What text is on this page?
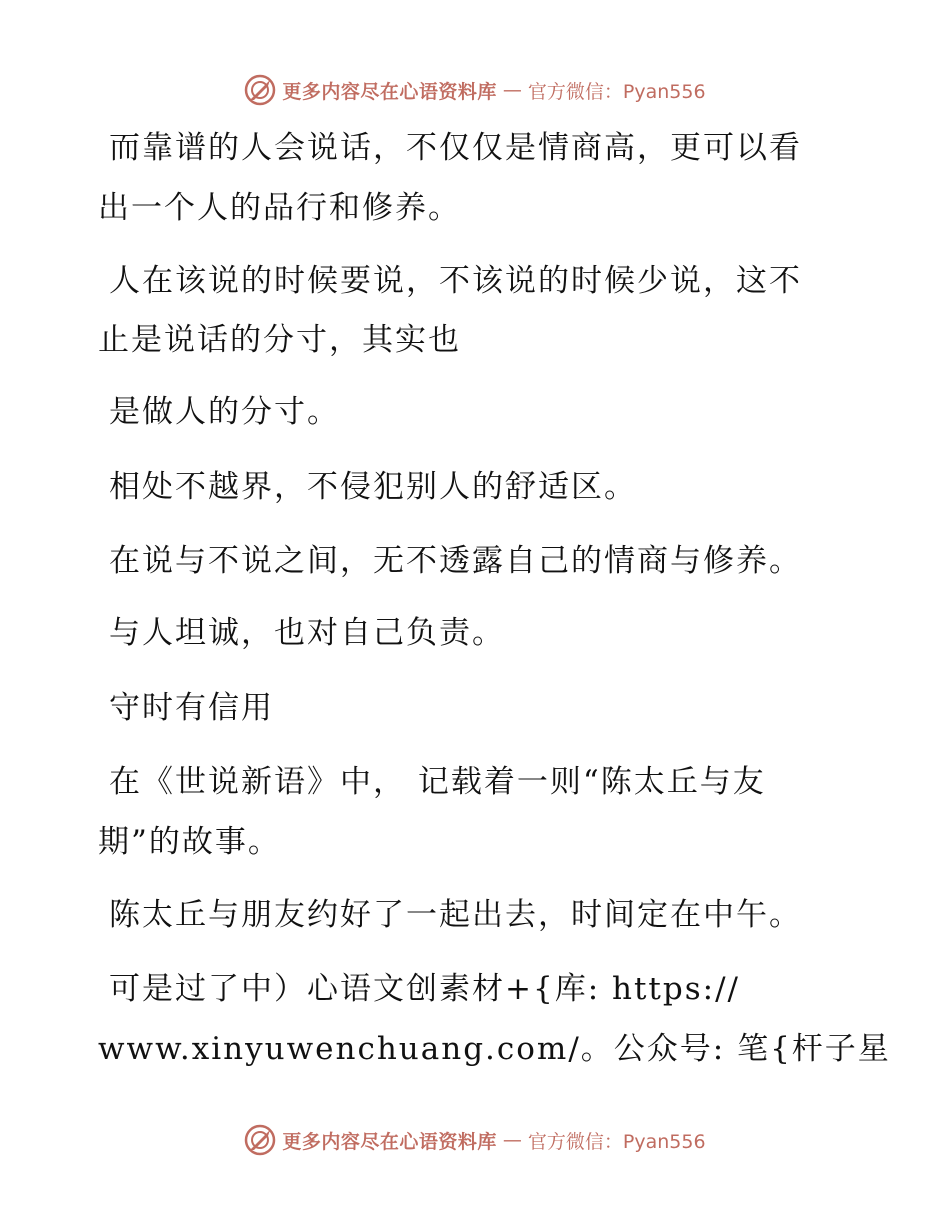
更多内容尽在心语资料库 — 官方微信：Pyan556
而靠谱的人会说话，不仅仅是情商高，更可以看
出一个人的品行和修养。
人在该说的时候要说，不该说的时候少说，这不
止是说话的分寸，其实也
是做人的分寸。
相处不越界，不侵犯别人的舒适区。
在说与不说之间，无不透露自己的情商与修养。
与人坦诚，也对自己负责。
守时有信用
在《世说新语》中， 记载着一则“陈太丘与友
期”的故事。
陈太丘与朋友约好了一起出去，时间定在中午。
可是过了中）心语文创素材+{库: https://
www.xinyuwenchuang.com/。公众号: 笔{杆子星
更多内容尽在心语资料库 — 官方微信：Pyan556
